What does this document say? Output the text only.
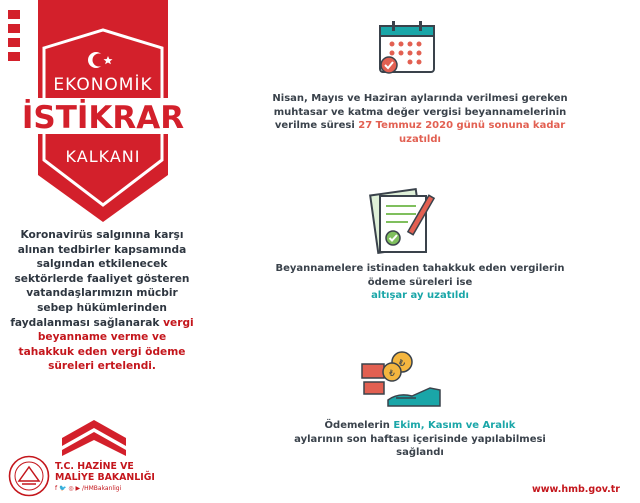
EKONOMİK
İSTİKRAR
KALKANI
Koronavirüs salgınına karşı alınan tedbirler kapsamında salgından etkilenecek sektörlerde faaliyet gösteren vatandaşlarımızın mücbir sebep hükümlerinden faydalanması sağlanarak vergi beyanname verme ve tahakkuk eden vergi ödeme süreleri ertelendi.
T.C. HAZİNE VE
MALİYE BAKANLIĞI
f 🐦 ◎ ▶ /HMBakanligi
Nisan, Mayıs ve Haziran aylarında verilmesi gereken muhtasar ve katma değer vergisi beyannamelerinin verilme süresi 27 Temmuz 2020 günü sonuna kadar uzatıldı
Beyannamelere istinaden tahakkuk eden vergilerin ödeme süreleri ise
altışar ay uzatıldı
₺
₺
Ödemelerin Ekim, Kasım ve Aralık
aylarının son haftası içerisinde yapılabilmesi sağlandı
www.hmb.gov.tr
